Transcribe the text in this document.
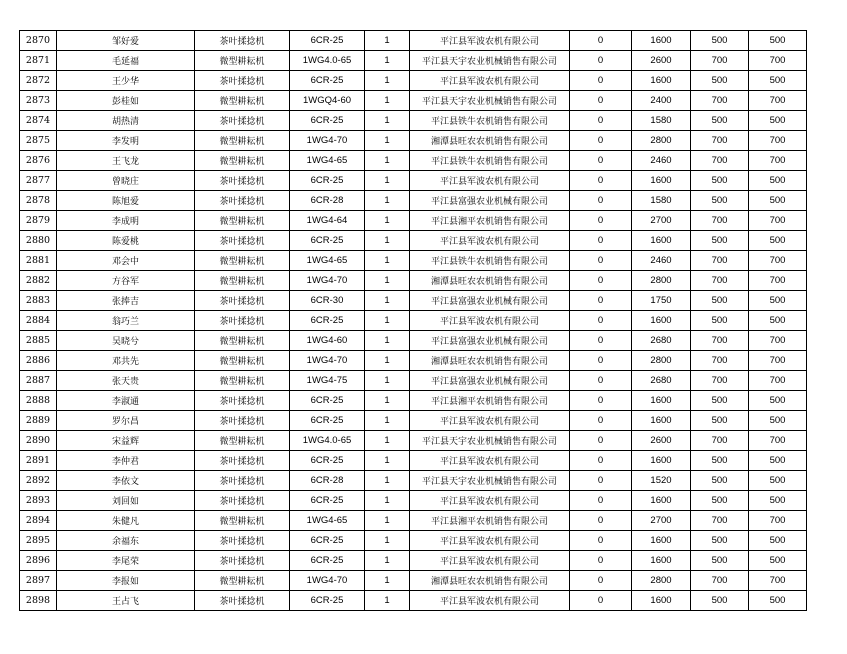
2870	邹好爱	茶叶揉捻机	6CR-25	1	平江县军波农机有限公司	0	1600	500	500
2871	毛延福	微型耕耘机	1WG4.0-65	1	平江县天宇农业机械销售有限公司	0	2600	700	700
2872	王少华	茶叶揉捻机	6CR-25	1	平江县军波农机有限公司	0	1600	500	500
2873	彭桂如	微型耕耘机	1WGQ4-60	1	平江县天宇农业机械销售有限公司	0	2400	700	700
2874	胡热清	茶叶揉捻机	6CR-25	1	平江县铁牛农机销售有限公司	0	1580	500	500
2875	李发明	微型耕耘机	1WG4-70	1	湘潭县旺农农机销售有限公司	0	2800	700	700
2876	王飞龙	微型耕耘机	1WG4-65	1	平江县铁牛农机销售有限公司	0	2460	700	700
2877	曾晓庄	茶叶揉捻机	6CR-25	1	平江县军波农机有限公司	0	1600	500	500
2878	陈旭爱	茶叶揉捻机	6CR-28	1	平江县富强农业机械有限公司	0	1580	500	500
2879	李成明	微型耕耘机	1WG4-64	1	平江县湘平农机销售有限公司	0	2700	700	700
2880	陈爱桃	茶叶揉捻机	6CR-25	1	平江县军波农机有限公司	0	1600	500	500
2881	邓会中	微型耕耘机	1WG4-65	1	平江县铁牛农机销售有限公司	0	2460	700	700
2882	方谷军	微型耕耘机	1WG4-70	1	湘潭县旺农农机销售有限公司	0	2800	700	700
2883	张捧吉	茶叶揉捻机	6CR-30	1	平江县富强农业机械有限公司	0	1750	500	500
2884	翁巧兰	茶叶揉捻机	6CR-25	1	平江县军波农机有限公司	0	1600	500	500
2885	吴晓兮	微型耕耘机	1WG4-60	1	平江县富强农业机械有限公司	0	2680	700	700
2886	邓共先	微型耕耘机	1WG4-70	1	湘潭县旺农农机销售有限公司	0	2800	700	700
2887	张天贵	微型耕耘机	1WG4-75	1	平江县富强农业机械有限公司	0	2680	700	700
2888	李淑通	茶叶揉捻机	6CR-25	1	平江县湘平农机销售有限公司	0	1600	500	500
2889	罗尔昌	茶叶揉捻机	6CR-25	1	平江县军波农机有限公司	0	1600	500	500
2890	宋益辉	微型耕耘机	1WG4.0-65	1	平江县天宇农业机械销售有限公司	0	2600	700	700
2891	李仲君	茶叶揉捻机	6CR-25	1	平江县军波农机有限公司	0	1600	500	500
2892	李依文	茶叶揉捻机	6CR-28	1	平江县天宇农业机械销售有限公司	0	1520	500	500
2893	刘回如	茶叶揉捻机	6CR-25	1	平江县军波农机有限公司	0	1600	500	500
2894	朱健凡	微型耕耘机	1WG4-65	1	平江县湘平农机销售有限公司	0	2700	700	700
2895	余福东	茶叶揉捻机	6CR-25	1	平江县军波农机有限公司	0	1600	500	500
2896	李尾荣	茶叶揉捻机	6CR-25	1	平江县军波农机有限公司	0	1600	500	500
2897	李报如	微型耕耘机	1WG4-70	1	湘潭县旺农农机销售有限公司	0	2800	700	700
2898	王占飞	茶叶揉捻机	6CR-25	1	平江县军波农机有限公司	0	1600	500	500
